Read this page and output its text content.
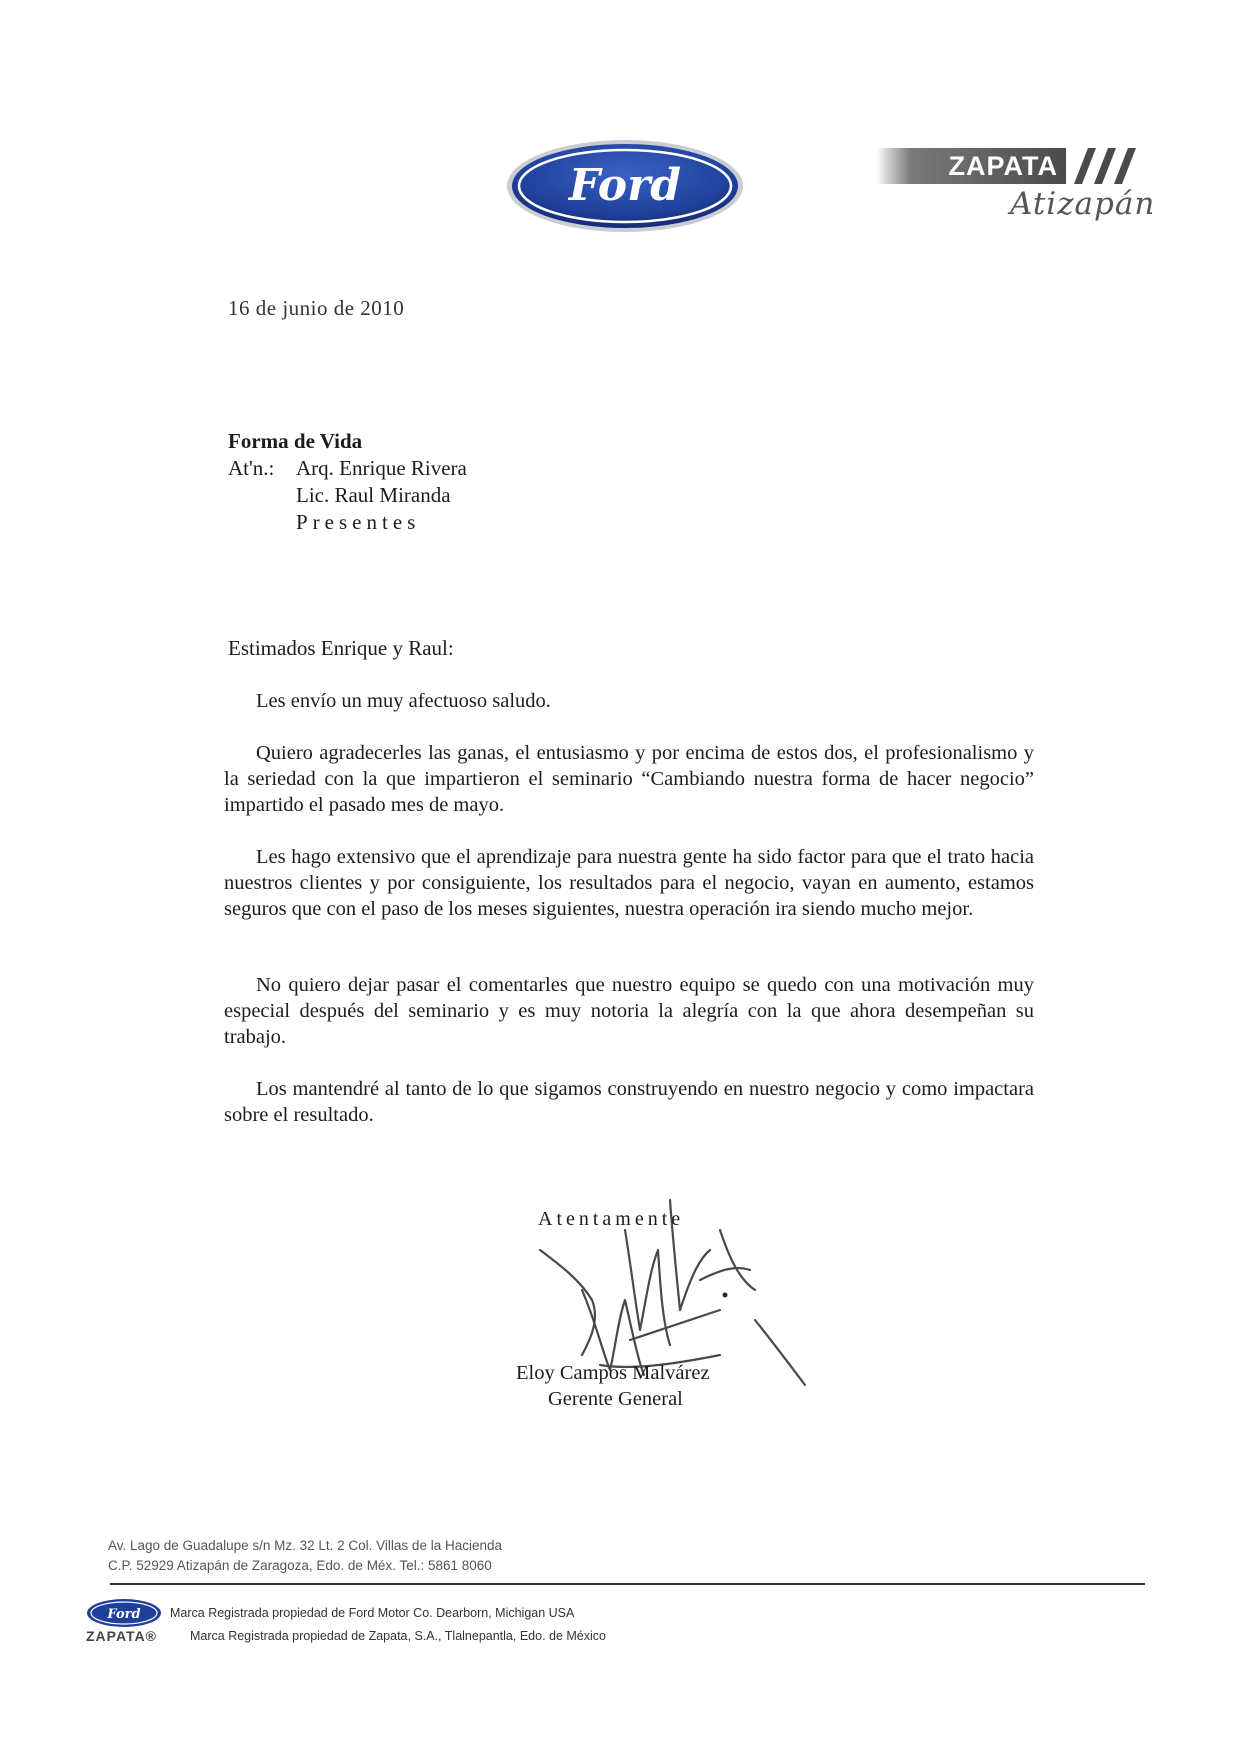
Ford	ZAPATA
Atizapán
16 de junio de 2010
Forma de Vida
At'n.:	Arq. Enrique Rivera
Lic. Raul Miranda
Presentes
Estimados Enrique y Raul:

Les envío un muy afectuoso saludo.

Quiero agradecerles las ganas, el entusiasmo y por encima de estos dos, el profesionalismo y la seriedad con la que impartieron el seminario “Cambiando nuestra forma de hacer negocio” impartido el pasado mes de mayo.

Les hago extensivo que el aprendizaje para nuestra gente ha sido factor para que el trato hacia nuestros clientes y por consiguiente, los resultados para el negocio, vayan en aumento, estamos seguros que con el paso de los meses siguientes, nuestra operación ira siendo mucho mejor.

No quiero dejar pasar el comentarles que nuestro equipo se quedo con una motivación muy especial después del seminario y es muy notoria la alegría con la que ahora desempeñan su trabajo.

Los mantendré al tanto de lo que sigamos construyendo en nuestro negocio y como impactara sobre el resultado.

Atentamente
Eloy Campos Malvárez
Gerente General
Av. Lago de Guadalupe s/n Mz. 32 Lt. 2 Col. Villas de la Hacienda
C.P. 52929 Atizapán de Zaragoza, Edo. de Méx. Tel.: 5861 8060
Ford Marca Registrada propiedad de Ford Motor Co. Dearborn, Michigan USA
ZAPATA®	Marca Registrada propiedad de Zapata, S.A., Tlalnepantla, Edo. de México
